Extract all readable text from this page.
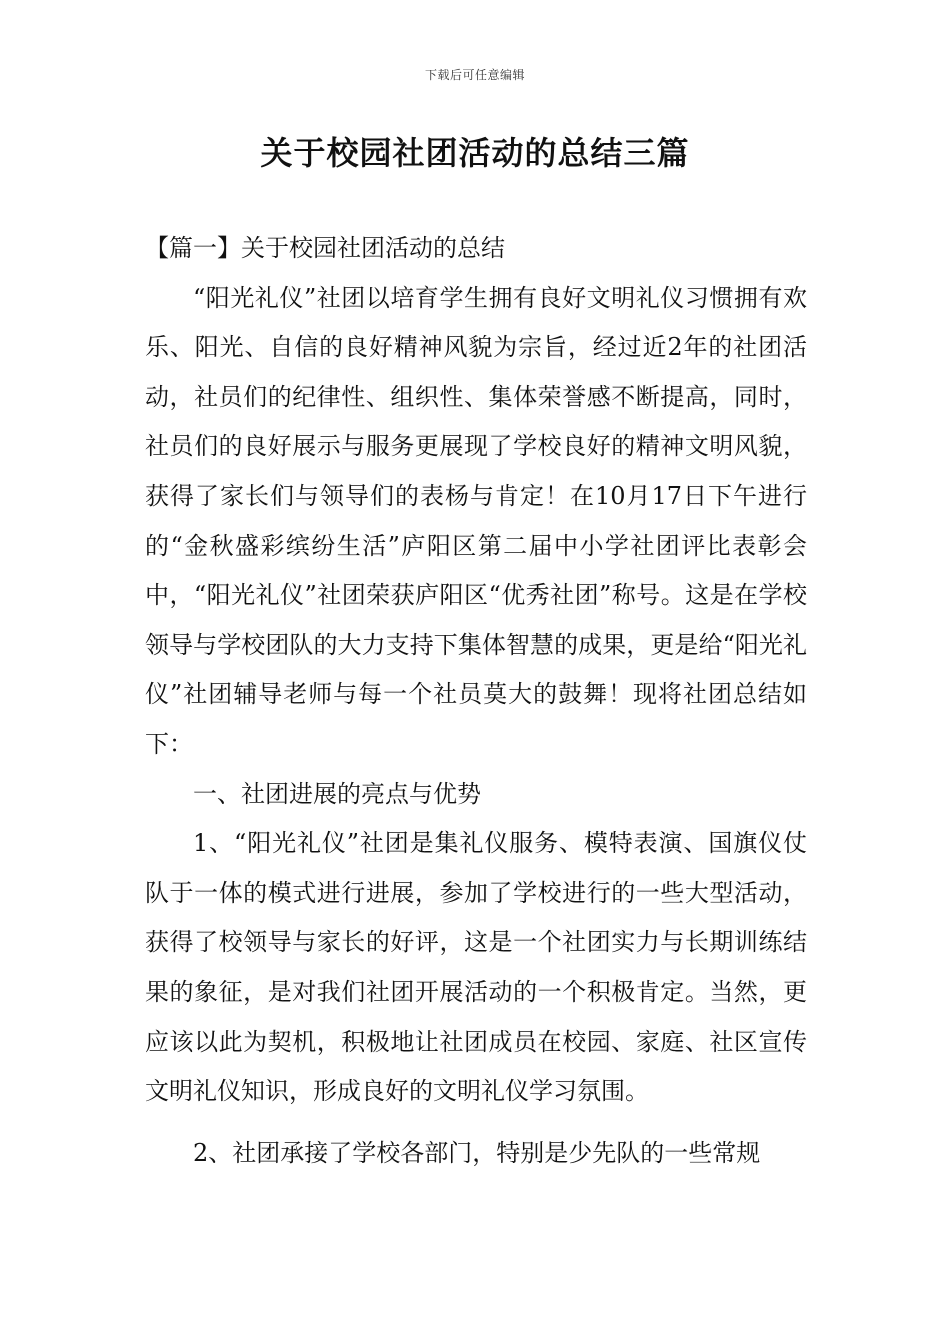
下载后可任意编辑
关于校园社团活动的总结三篇
【篇一】关于校园社团活动的总结

“阳光礼仪”社团以培育学生拥有良好文明礼仪习惯拥有欢乐、阳光、自信的良好精神风貌为宗旨，经过近2年的社团活动，社员们的纪律性、组织性、集体荣誉感不断提高，同时，社员们的良好展示与服务更展现了学校良好的精神文明风貌，获得了家长们与领导们的表杨与肯定！在10月17日下午进行的“金秋盛彩缤纷生活”庐阳区第二届中小学社团评比表彰会中，“阳光礼仪”社团荣获庐阳区“优秀社团”称号。这是在学校领导与学校团队的大力支持下集体智慧的成果，更是给“阳光礼仪”社团辅导老师与每一个社员莫大的鼓舞！现将社团总结如下：

一、社团进展的亮点与优势

1、“阳光礼仪”社团是集礼仪服务、模特表演、国旗仪仗队于一体的模式进行进展，参加了学校进行的一些大型活动，获得了校领导与家长的好评，这是一个社团实力与长期训练结果的象征，是对我们社团开展活动的一个积极肯定。当然，更应该以此为契机，积极地让社团成员在校园、家庭、社区宣传文明礼仪知识，形成良好的文明礼仪学习氛围。

2、社团承接了学校各部门，特别是少先队的一些常规
